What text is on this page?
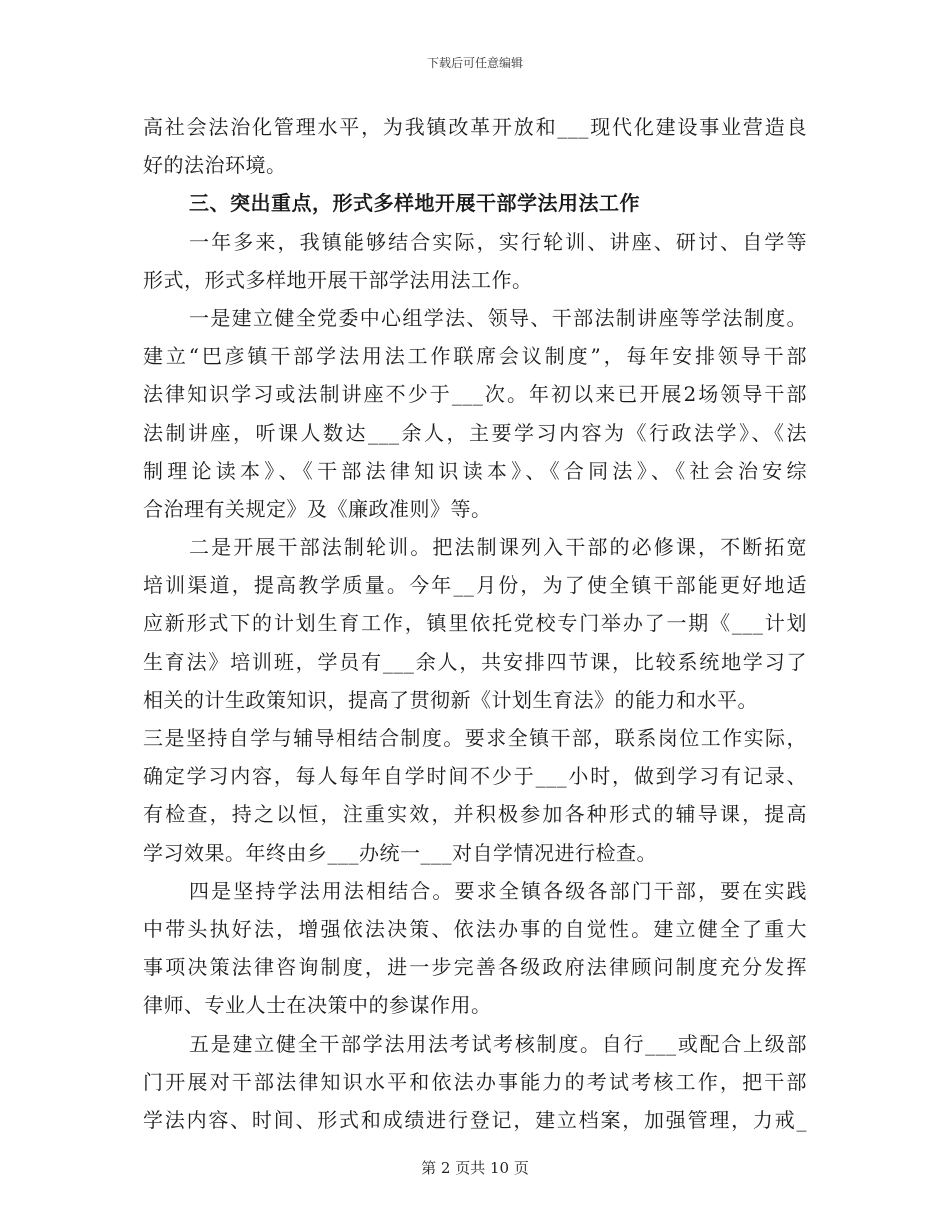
下载后可任意编辑
高社会法治化管理水平，为我镇改革开放和___现代化建设事业营造良
好的法治环境。
三、突出重点，形式多样地开展干部学法用法工作
一年多来，我镇能够结合实际，实行轮训、讲座、研讨、自学等
形式，形式多样地开展干部学法用法工作。
一是建立健全党委中心组学法、领导、干部法制讲座等学法制度。
建立“巴彦镇干部学法用法工作联席会议制度”，每年安排领导干部
法律知识学习或法制讲座不少于___次。年初以来已开展2场领导干部
法制讲座，听课人数达___余人，主要学习内容为《行政法学》、《法
制理论读本》、《干部法律知识读本》、《合同法》、《社会治安综
合治理有关规定》及《廉政准则》等。
二是开展干部法制轮训。把法制课列入干部的必修课，不断拓宽
培训渠道，提高教学质量。今年__月份，为了使全镇干部能更好地适
应新形式下的计划生育工作，镇里依托党校专门举办了一期《___计划
生育法》培训班，学员有___余人，共安排四节课，比较系统地学习了
相关的计生政策知识，提高了贯彻新《计划生育法》的能力和水平。
三是坚持自学与辅导相结合制度。要求全镇干部，联系岗位工作实际，
确定学习内容，每人每年自学时间不少于___小时，做到学习有记录、
有检查，持之以恒，注重实效，并积极参加各种形式的辅导课，提高
学习效果。年终由乡___办统一___对自学情况进行检查。
四是坚持学法用法相结合。要求全镇各级各部门干部，要在实践
中带头执好法，增强依法决策、依法办事的自觉性。建立健全了重大
事项决策法律咨询制度，进一步完善各级政府法律顾问制度充分发挥
律师、专业人士在决策中的参谋作用。
五是建立健全干部学法用法考试考核制度。自行___或配合上级部
门开展对干部法律知识水平和依法办事能力的考试考核工作，把干部
学法内容、时间、形式和成绩进行登记，建立档案，加强管理，力戒_
第 2 页共 10 页
